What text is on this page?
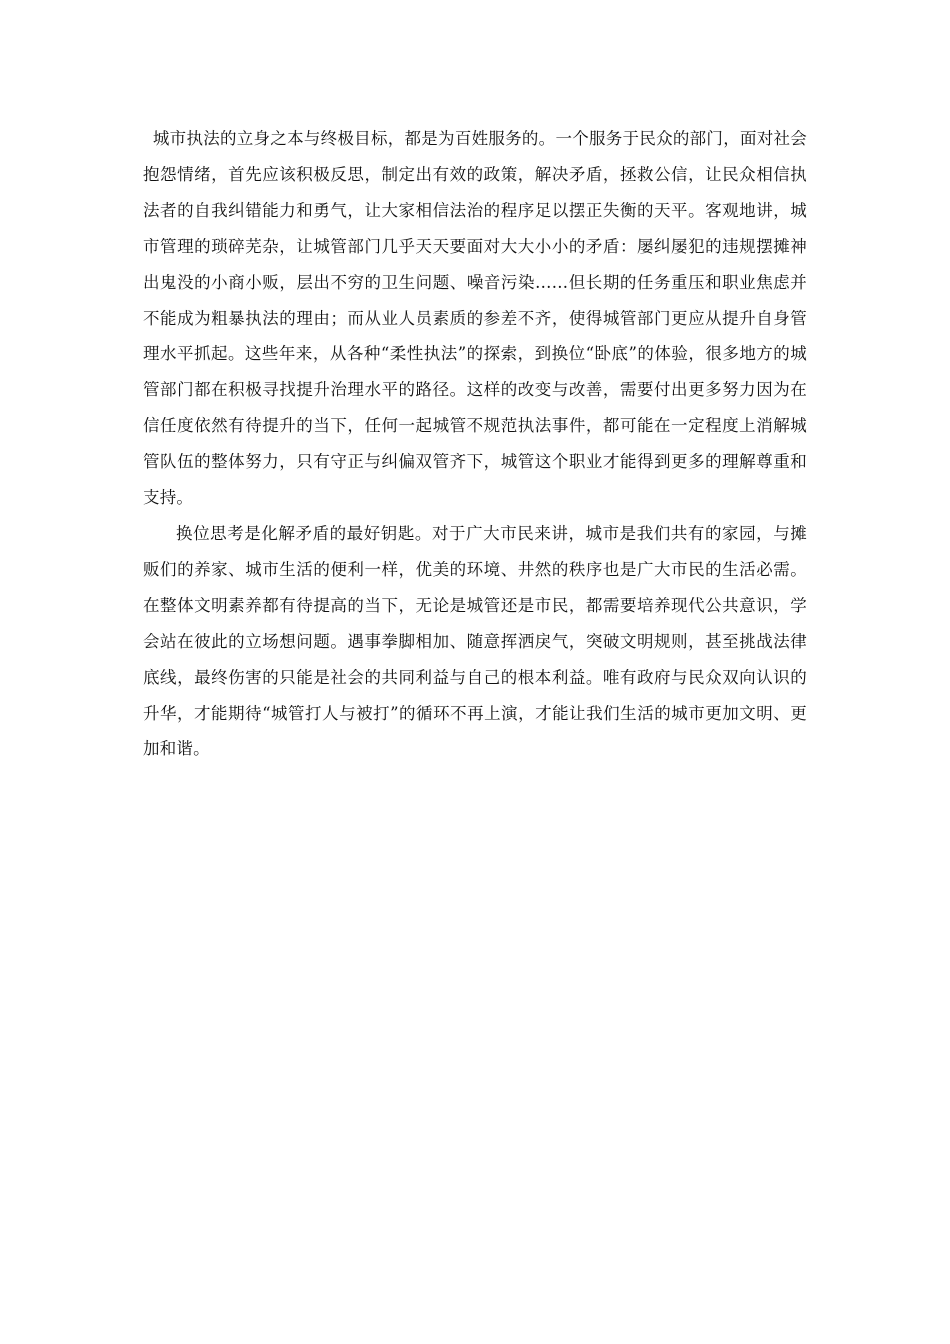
城市执法的立身之本与终极目标，都是为百姓服务的。一个服务于民众的部门，面对社会抱怨情绪，首先应该积极反思，制定出有效的政策，解决矛盾，拯救公信，让民众相信执法者的自我纠错能力和勇气，让大家相信法治的程序足以摆正失衡的天平。客观地讲，城市管理的琐碎芜杂，让城管部门几乎天天要面对大大小小的矛盾：屡纠屡犯的违规摆摊神出鬼没的小商小贩，层出不穷的卫生问题、噪音污染……但长期的任务重压和职业焦虑并不能成为粗暴执法的理由；而从业人员素质的参差不齐，使得城管部门更应从提升自身管理水平抓起。这些年来，从各种“柔性执法”的探索，到换位“卧底”的体验，很多地方的城管部门都在积极寻找提升治理水平的路径。这样的改变与改善，需要付出更多努力因为在信任度依然有待提升的当下，任何一起城管不规范执法事件，都可能在一定程度上消解城管队伍的整体努力，只有守正与纠偏双管齐下，城管这个职业才能得到更多的理解尊重和支持。

换位思考是化解矛盾的最好钥匙。对于广大市民来讲，城市是我们共有的家园，与摊贩们的养家、城市生活的便利一样，优美的环境、井然的秩序也是广大市民的生活必需。在整体文明素养都有待提高的当下，无论是城管还是市民，都需要培养现代公共意识，学会站在彼此的立场想问题。遇事拳脚相加、随意挥洒戾气，突破文明规则，甚至挑战法律底线，最终伤害的只能是社会的共同利益与自己的根本利益。唯有政府与民众双向认识的升华，才能期待“城管打人与被打”的循环不再上演，才能让我们生活的城市更加文明、更加和谐。
